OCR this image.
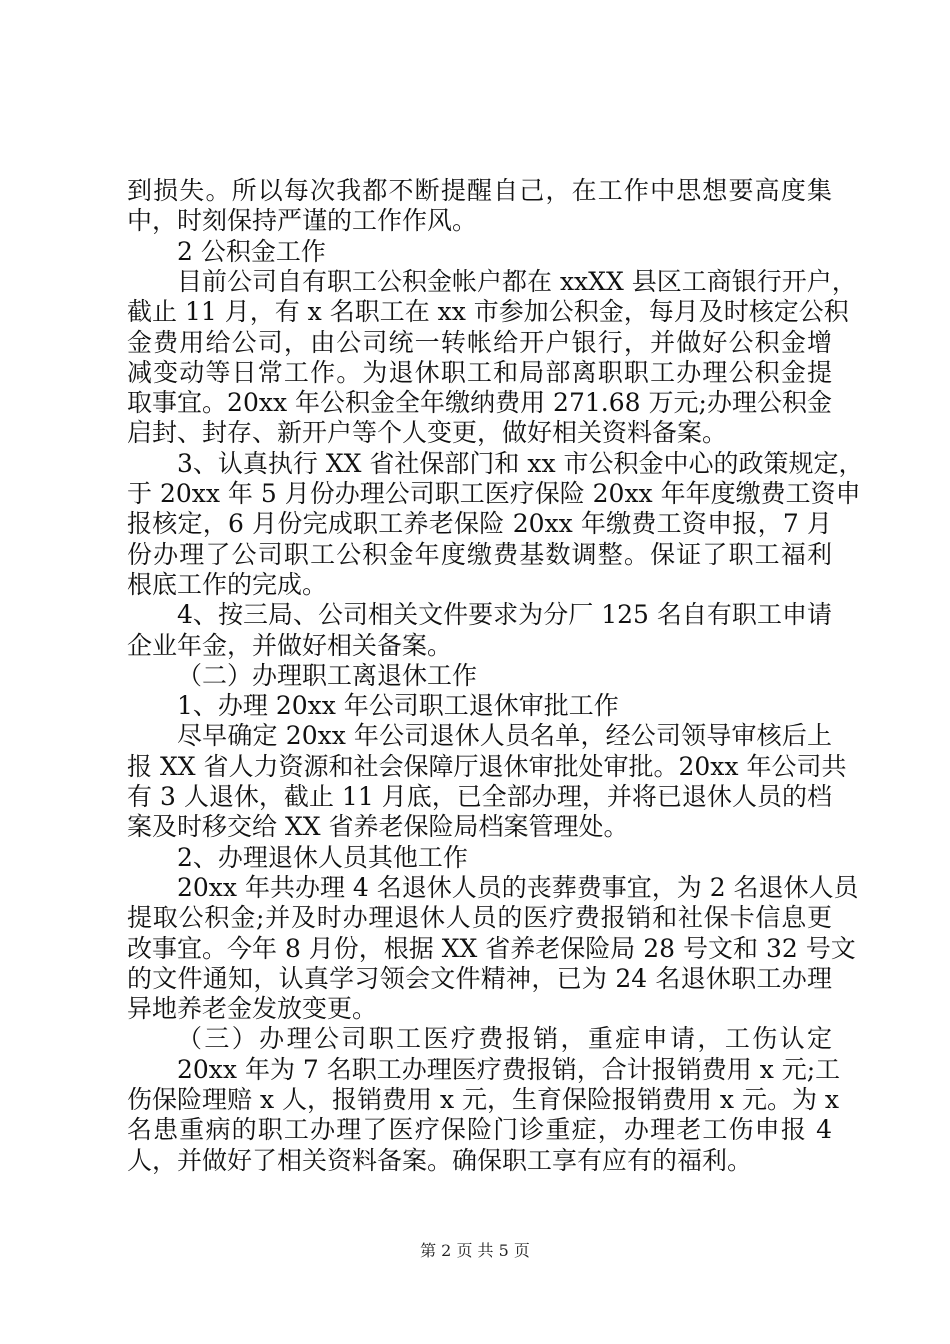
到损失。所以每次我都不断提醒自己，在工作中思想要高度集
中，时刻保持严谨的工作作风。
2 公积金工作
目前公司自有职工公积金帐户都在 xxXX 县区工商银行开户，
截止 11 月，有 x 名职工在 xx 市参加公积金，每月及时核定公积
金费用给公司，由公司统一转帐给开户银行，并做好公积金增
减变动等日常工作。为退休职工和局部离职职工办理公积金提
取事宜。20xx 年公积金全年缴纳费用 271.68 万元;办理公积金
启封、封存、新开户等个人变更，做好相关资料备案。
3、认真执行 XX 省社保部门和 xx 市公积金中心的政策规定，
于 20xx 年 5 月份办理公司职工医疗保险 20xx 年年度缴费工资申
报核定，6 月份完成职工养老保险 20xx 年缴费工资申报，7 月
份办理了公司职工公积金年度缴费基数调整。保证了职工福利
根底工作的完成。
4、按三局、公司相关文件要求为分厂 125 名自有职工申请
企业年金，并做好相关备案。
（二）办理职工离退休工作
1、办理 20xx 年公司职工退休审批工作
尽早确定 20xx 年公司退休人员名单，经公司领导审核后上
报 XX 省人力资源和社会保障厅退休审批处审批。20xx 年公司共
有 3 人退休，截止 11 月底，已全部办理，并将已退休人员的档
案及时移交给 XX 省养老保险局档案管理处。
2、办理退休人员其他工作
20xx 年共办理 4 名退休人员的丧葬费事宜，为 2 名退休人员
提取公积金;并及时办理退休人员的医疗费报销和社保卡信息更
改事宜。今年 8 月份，根据 XX 省养老保险局 28 号文和 32 号文
的文件通知，认真学习领会文件精神，已为 24 名退休职工办理
异地养老金发放变更。
（三）办理公司职工医疗费报销，重症申请，工伤认定
20xx 年为 7 名职工办理医疗费报销，合计报销费用 x 元;工
伤保险理赔 x 人，报销费用 x 元，生育保险报销费用 x 元。为 x
名患重病的职工办理了医疗保险门诊重症，办理老工伤申报 4
人，并做好了相关资料备案。确保职工享有应有的福利。
第 2 页 共 5 页
